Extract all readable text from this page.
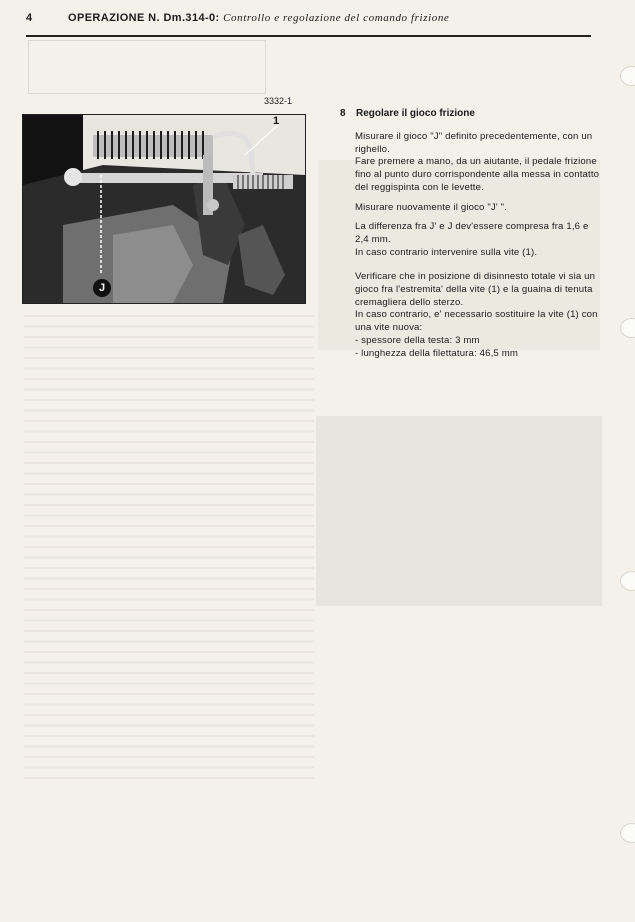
4	OPERAZIONE N. Dm.314-0: Controllo e regolazione del comando frizione
3332-1
1
J
8 Regolare il gioco frizione

Misurare il gioco "J" definito precedentemente, con un righello.

Fare premere a mano, da un aiutante, il pedale frizione fino al punto duro corrispondente alla messa in contatto del reggispinta con le levette.

Misurare nuovamente il gioco "J' ".

La differenza fra J' e J dev'essere compresa fra 1,6 e 2,4 mm.

In caso contrario intervenire sulla vite (1).

Verificare che in posizione di disinnesto totale vi sia un gioco fra l'estremita' della vite (1) e la guaina di tenuta cremagliera dello sterzo.

In caso contrario, e' necessario sostituire la vite (1) con una vite nuova:

- spessore della testa: 3 mm

- lunghezza della filettatura: 46,5 mm
